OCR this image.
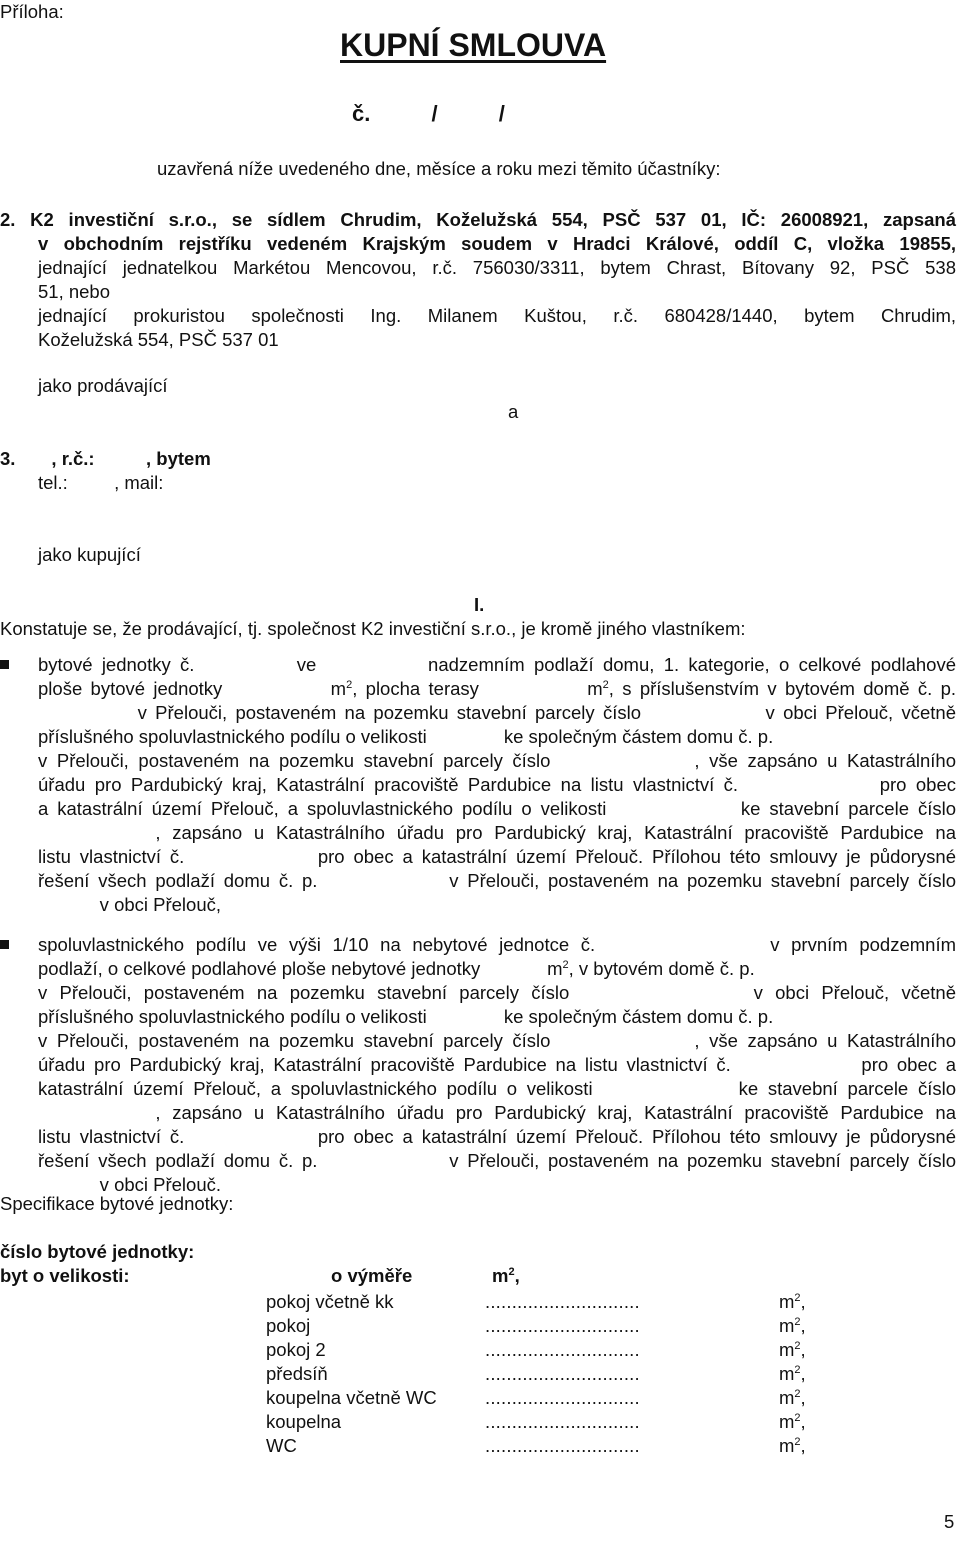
Příloha:
KUPNÍ SMLOUVA
č.          /          /
uzavřená níže uvedeného dne, měsíce a roku mezi těmito účastníky:
2. K2 investiční s.r.o., se sídlem Chrudim, Koželužská 554, PSČ 537 01, IČ: 26008921, zapsaná
v obchodním rejstříku vedeném Krajským soudem v Hradci Králové, oddíl C, vložka 19855,
jednající jednatelkou Markétou Mencovou, r.č. 756030/3311, bytem Chrast, Bítovany 92, PSČ 538
51, nebo
jednající prokuristou společnosti Ing. Milanem Kuštou, r.č. 680428/1440, bytem Chrudim,
Koželužská 554, PSČ 537 01
jako prodávající
a
3.       , r.č.:          , bytem
tel.:         , mail:
jako kupující
I.
Konstatuje se, že prodávající, tj. společnost K2 investiční s.r.o., je kromě jiného vlastníkem:
bytové jednotky č.           ve            nadzemním podlaží domu, 1. kategorie, o celkové podlahové
ploše bytové jednotky             $m^2$, plocha terasy             $m^2$, s příslušenstvím v bytovém domě č. p.
v Přelouči, postaveném na pozemku stavební parcely číslo               v obci Přelouč, včetně
příslušného spoluvlastnického podílu o velikosti               ke společným částem domu č. p.
v Přelouči, postaveném na pozemku stavební parcely číslo               , vše zapsáno u Katastrálního
úřadu pro Pardubický kraj, Katastrální pracoviště Pardubice na listu vlastnictví č.               pro obec
a katastrální území Přelouč, a spoluvlastnického podílu o velikosti               ke stavební parcele číslo
, zapsáno u Katastrálního úřadu pro Pardubický kraj, Katastrální pracoviště Pardubice na
listu vlastnictví č.               pro obec a katastrální území Přelouč. Přílohou této smlouvy je půdorysné
řešení všech podlaží domu č. p.               v Přelouči, postaveném na pozemku stavební parcely číslo
v obci Přelouč,
spoluvlastnického podílu ve výši 1/10 na nebytové jednotce č.               v prvním podzemním
podlaží, o celkové podlahové ploše nebytové jednotky             $m^2$, v bytovém domě č. p.
v Přelouči, postaveném na pozemku stavební parcely číslo               v obci Přelouč, včetně
příslušného spoluvlastnického podílu o velikosti               ke společným částem domu č. p.
v Přelouči, postaveném na pozemku stavební parcely číslo               , vše zapsáno u Katastrálního
úřadu pro Pardubický kraj, Katastrální pracoviště Pardubice na listu vlastnictví č.               pro obec a
katastrální území Přelouč, a spoluvlastnického podílu o velikosti               ke stavební parcele číslo
, zapsáno u Katastrálního úřadu pro Pardubický kraj, Katastrální pracoviště Pardubice na
listu vlastnictví č.               pro obec a katastrální území Přelouč. Přílohou této smlouvy je půdorysné
řešení všech podlaží domu č. p.               v Přelouči, postaveném na pozemku stavební parcely číslo
v obci Přelouč.
Specifikace bytové jednotky:
číslo bytové jednotky:
byt o velikosti:	o výměře	$m^2$,
pokoj včetně kk	.............................	$m^2$,
pokoj	.............................	$m^2$,
pokoj 2	.............................	$m^2$,
předsíň	.............................	$m^2$,
koupelna včetně WC	.............................	$m^2$,
koupelna	.............................	$m^2$,
WC	.............................	$m^2$,
5
